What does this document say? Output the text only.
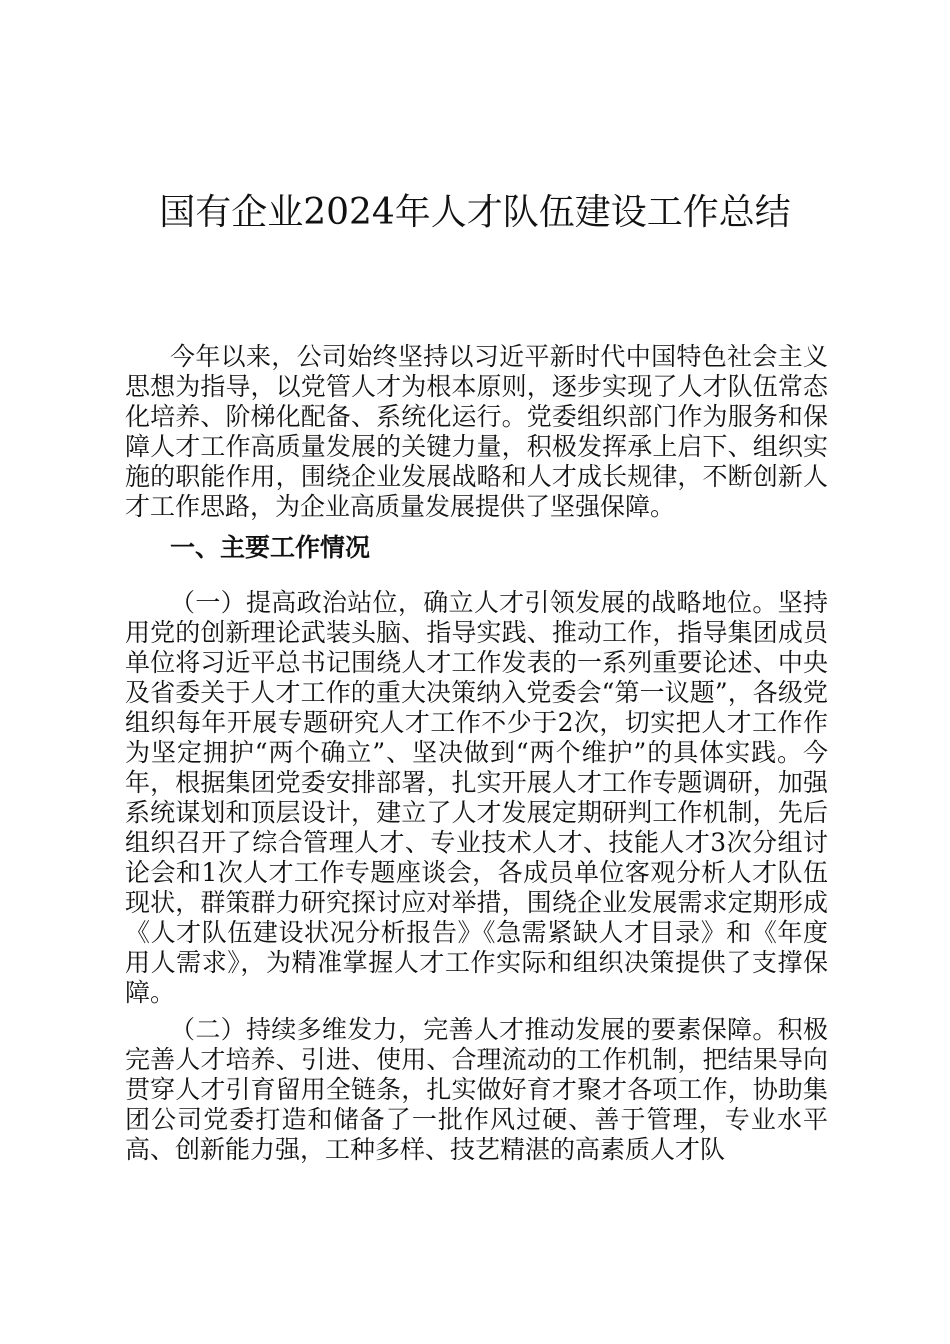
国有企业2024年人才队伍建设工作总结

今年以来，公司始终坚持以习近平新时代中国特色社会主义思想为指导，以党管人才为根本原则，逐步实现了人才队伍常态化培养、阶梯化配备、系统化运行。党委组织部门作为服务和保障人才工作高质量发展的关键力量，积极发挥承上启下、组织实施的职能作用，围绕企业发展战略和人才成长规律，不断创新人才工作思路，为企业高质量发展提供了坚强保障。

一、主要工作情况

（一）提高政治站位，确立人才引领发展的战略地位。坚持用党的创新理论武装头脑、指导实践、推动工作，指导集团成员单位将习近平总书记围绕人才工作发表的一系列重要论述、中央及省委关于人才工作的重大决策纳入党委会“第一议题”，各级党组织每年开展专题研究人才工作不少于2次，切实把人才工作作为坚定拥护“两个确立”、坚决做到“两个维护”的具体实践。今年，根据集团党委安排部署，扎实开展人才工作专题调研，加强系统谋划和顶层设计，建立了人才发展定期研判工作机制，先后组织召开了综合管理人才、专业技术人才、技能人才3次分组讨论会和1次人才工作专题座谈会，各成员单位客观分析人才队伍现状，群策群力研究探讨应对举措，围绕企业发展需求定期形成《人才队伍建设状况分析报告》《急需紧缺人才目录》和《年度用人需求》，为精准掌握人才工作实际和组织决策提供了支撑保障。

（二）持续多维发力，完善人才推动发展的要素保障。积极完善人才培养、引进、使用、合理流动的工作机制，把结果导向贯穿人才引育留用全链条，扎实做好育才聚才各项工作，协助集团公司党委打造和储备了一批作风过硬、善于管理，专业水平高、创新能力强，工种多样、技艺精湛的高素质人才队
